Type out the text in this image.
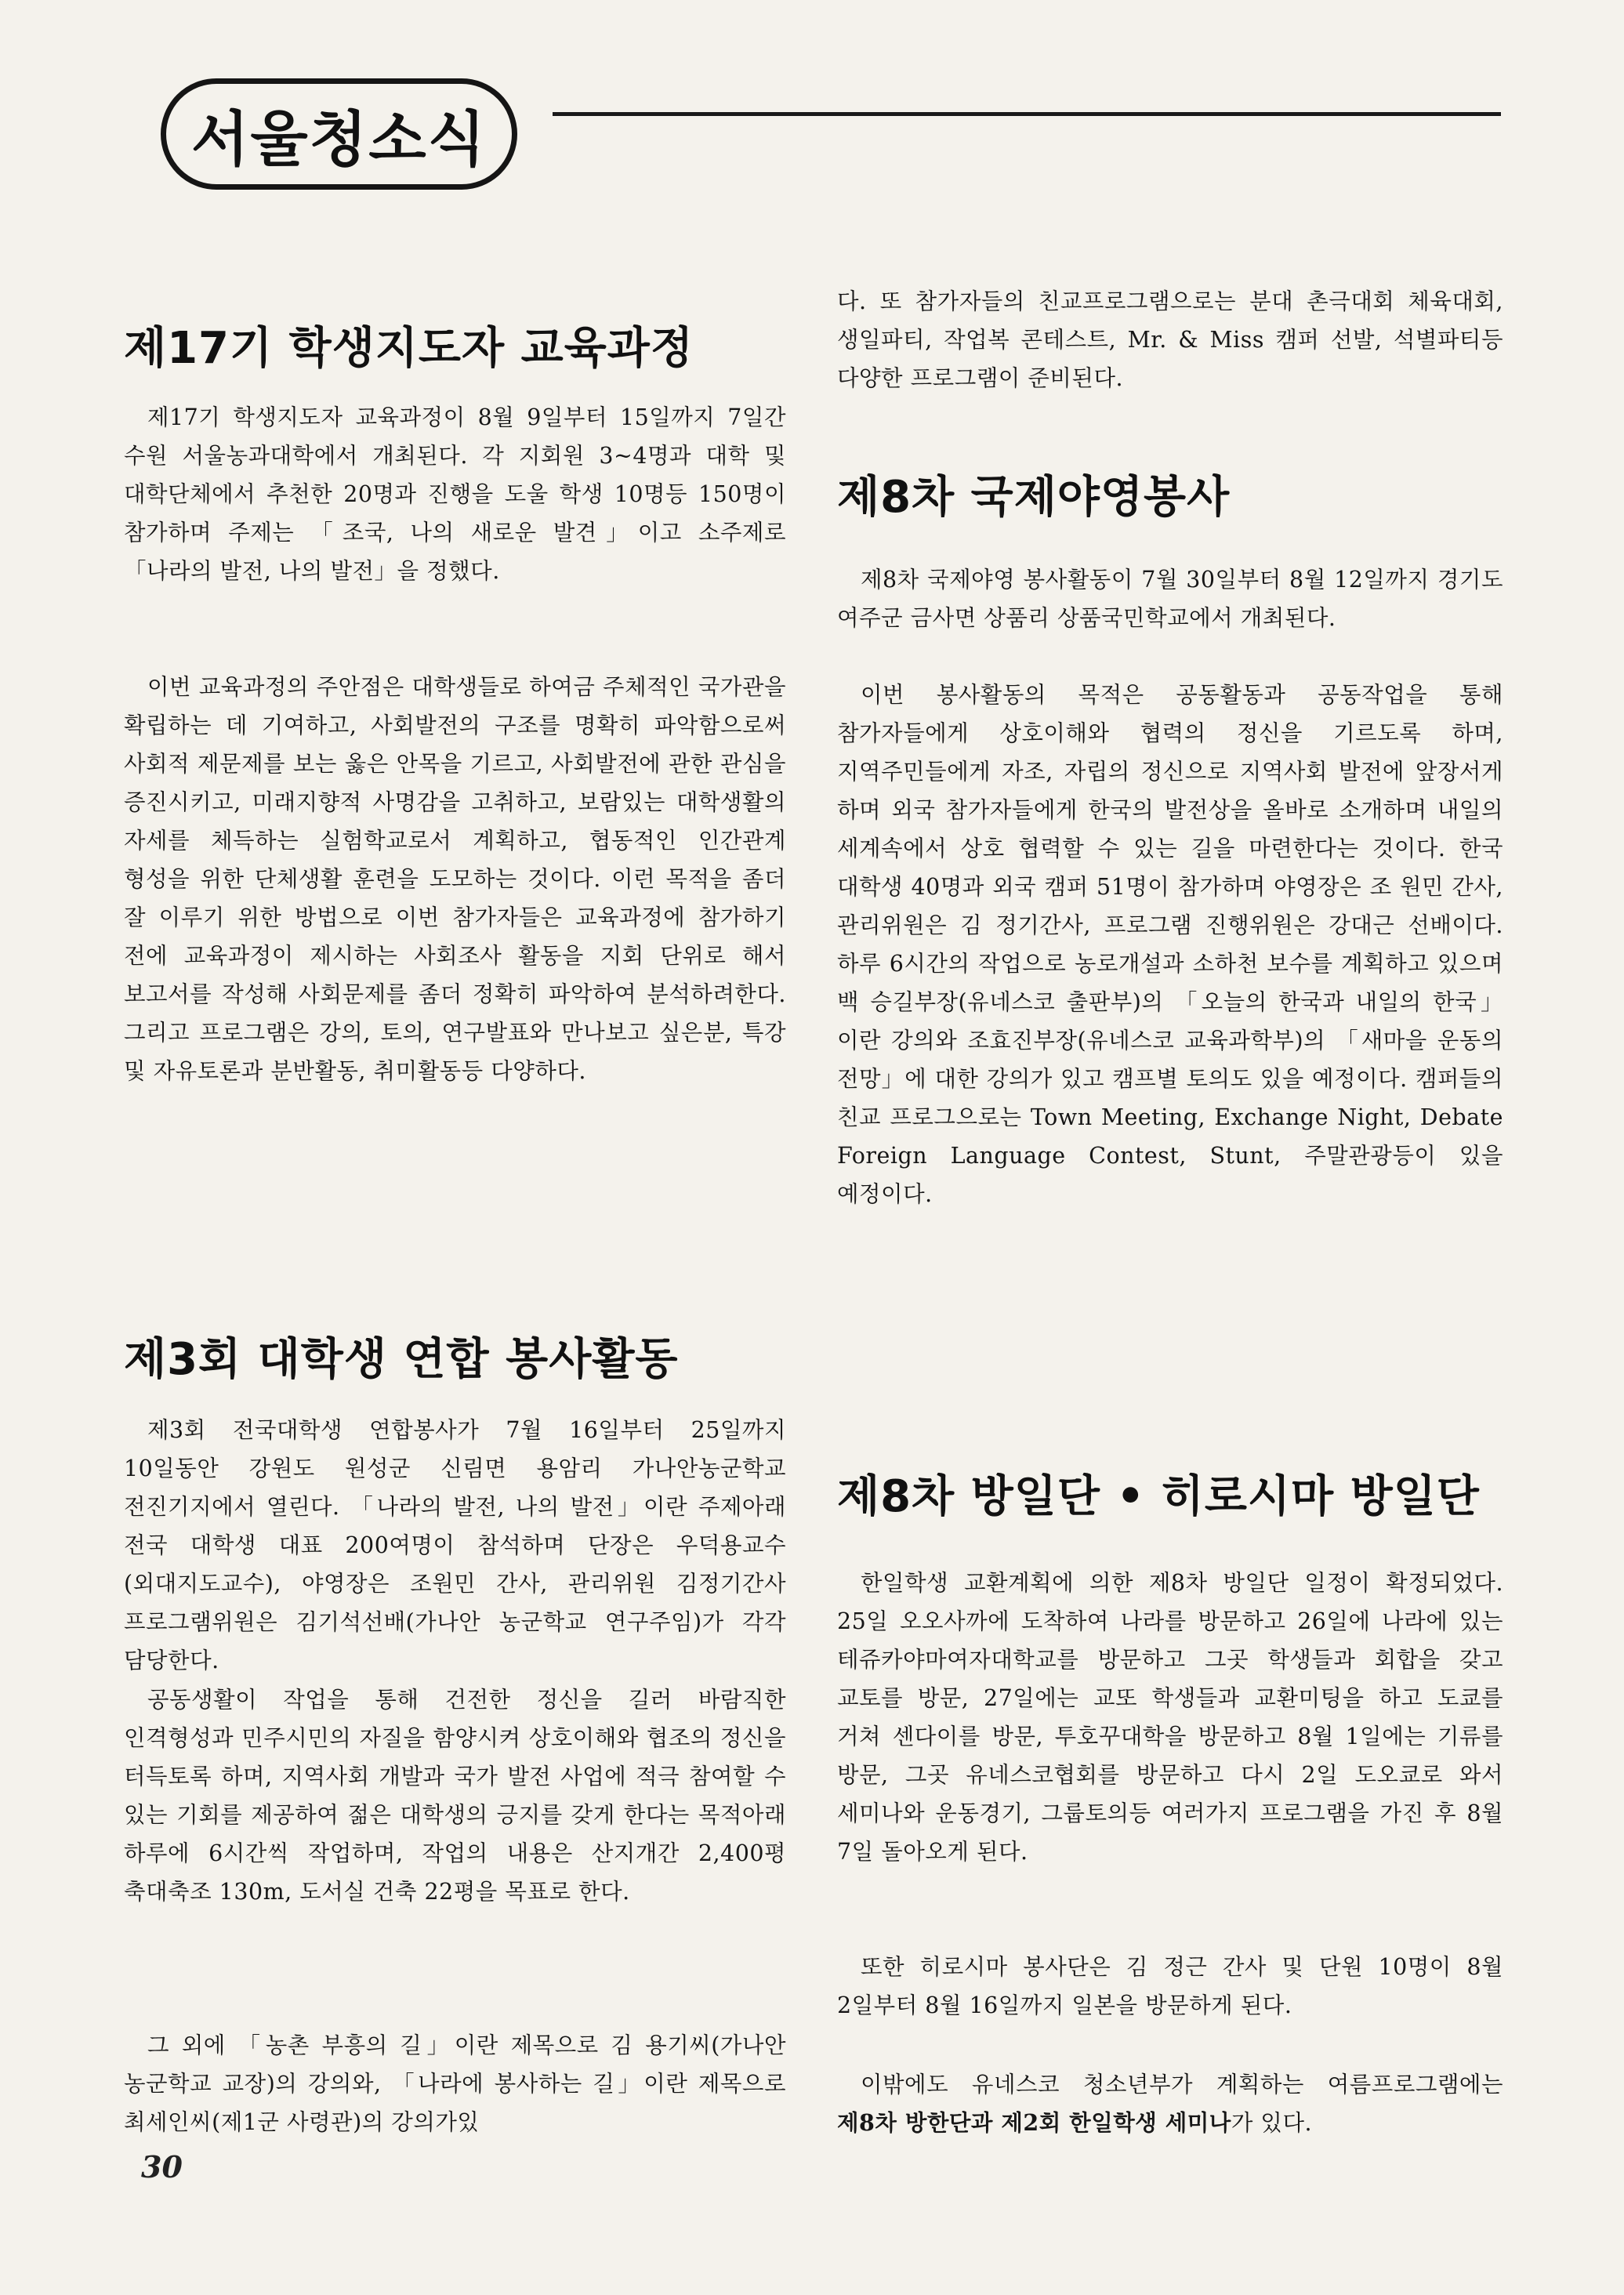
서울청소식
제17기 학생지도자 교육과정

제17기 학생지도자 교육과정이 8월 9일부터 15일까지 7일간 수원 서울농과대학에서 개최된다. 각 지회원 3~4명과 대학 및 대학단체에서 추천한 20명과 진행을 도울 학생 10명등 150명이 참가하며 주제는 「조국, 나의 새로운 발견」이고 소주제로 「나라의 발전, 나의 발전」을 정했다.

이번 교육과정의 주안점은 대학생들로 하여금 주체적인 국가관을 확립하는 데 기여하고, 사회발전의 구조를 명확히 파악함으로써 사회적 제문제를 보는 옳은 안목을 기르고, 사회발전에 관한 관심을 증진시키고, 미래지향적 사명감을 고취하고, 보람있는 대학생활의 자세를 체득하는 실험학교로서 계획하고, 협동적인 인간관계 형성을 위한 단체생활 훈련을 도모하는 것이다. 이런 목적을 좀더 잘 이루기 위한 방법으로 이번 참가자들은 교육과정에 참가하기 전에 교육과정이 제시하는 사회조사 활동을 지회 단위로 해서 보고서를 작성해 사회문제를 좀더 정확히 파악하여 분석하려한다. 그리고 프로그램은 강의, 토의, 연구발표와 만나보고 싶은분, 특강 및 자유토론과 분반활동, 취미활동등 다양하다.

제3회 대학생 연합 봉사활동

제3회 전국대학생 연합봉사가 7월 16일부터 25일까지 10일동안 강원도 원성군 신림면 용암리 가나안농군학교 전진기지에서 열린다. 「나라의 발전, 나의 발전」이란 주제아래 전국 대학생 대표 200여명이 참석하며 단장은 우덕용교수(외대지도교수), 야영장은 조원민 간사, 관리위원 김정기간사 프로그램위원은 김기석선배(가나안 농군학교 연구주임)가 각각 담당한다.

공동생활이 작업을 통해 건전한 정신을 길러 바람직한 인격형성과 민주시민의 자질을 함양시켜 상호이해와 협조의 정신을 터득토록 하며, 지역사회 개발과 국가 발전 사업에 적극 참여할 수 있는 기회를 제공하여 젊은 대학생의 긍지를 갖게 한다는 목적아래 하루에 6시간씩 작업하며, 작업의 내용은 산지개간 2,400평 축대축조 130m, 도서실 건축 22평을 목표로 한다.

그 외에 「농촌 부흥의 길」이란 제목으로 김 용기씨(가나안 농군학교 교장)의 강의와, 「나라에 봉사하는 길」이란 제목으로 최세인씨(제1군 사령관)의 강의가있

다. 또 참가자들의 친교프로그램으로는 분대 촌극대회 체육대회, 생일파티, 작업복 콘테스트, Mr. & Miss 캠퍼 선발, 석별파티등 다양한 프로그램이 준비된다.

제8차 국제야영봉사

제8차 국제야영 봉사활동이 7월 30일부터 8월 12일까지 경기도 여주군 금사면 상품리 상품국민학교에서 개최된다.

이번 봉사활동의 목적은 공동활동과 공동작업을 통해 참가자들에게 상호이해와 협력의 정신을 기르도록 하며, 지역주민들에게 자조, 자립의 정신으로 지역사회 발전에 앞장서게 하며 외국 참가자들에게 한국의 발전상을 올바로 소개하며 내일의 세계속에서 상호 협력할 수 있는 길을 마련한다는 것이다. 한국 대학생 40명과 외국 캠퍼 51명이 참가하며 야영장은 조 원민 간사, 관리위원은 김 정기간사, 프로그램 진행위원은 강대근 선배이다. 하루 6시간의 작업으로 농로개설과 소하천 보수를 계획하고 있으며 백 승길부장(유네스코 출판부)의 「오늘의 한국과 내일의 한국」이란 강의와 조효진부장(유네스코 교육과학부)의 「새마을 운동의 전망」에 대한 강의가 있고 캠프별 토의도 있을 예정이다. 캠퍼들의 친교 프로그으로는 Town Meeting, Exchange Night, Debate Foreign Language Contest, Stunt, 주말관광등이 있을 예정이다.

제8차 방일단 • 히로시마 방일단

한일학생 교환계획에 의한 제8차 방일단 일정이 확정되었다. 25일 오오사까에 도착하여 나라를 방문하고 26일에 나라에 있는 테쥬카야마여자대학교를 방문하고 그곳 학생들과 회합을 갖고 교토를 방문, 27일에는 교또 학생들과 교환미팅을 하고 도쿄를 거쳐 센다이를 방문, 투호꾸대학을 방문하고 8월 1일에는 기류를 방문, 그곳 유네스코협회를 방문하고 다시 2일 도오쿄로 와서 세미나와 운동경기, 그룹토의등 여러가지 프로그램을 가진 후 8월 7일 돌아오게 된다.

또한 히로시마 봉사단은 김 정근 간사 및 단원 10명이 8월 2일부터 8월 16일까지 일본을 방문하게 된다.

이밖에도 유네스코 청소년부가 계획하는 여름프로그램에는 제8차 방한단과 제2회 한일학생 세미나가 있다.

30
